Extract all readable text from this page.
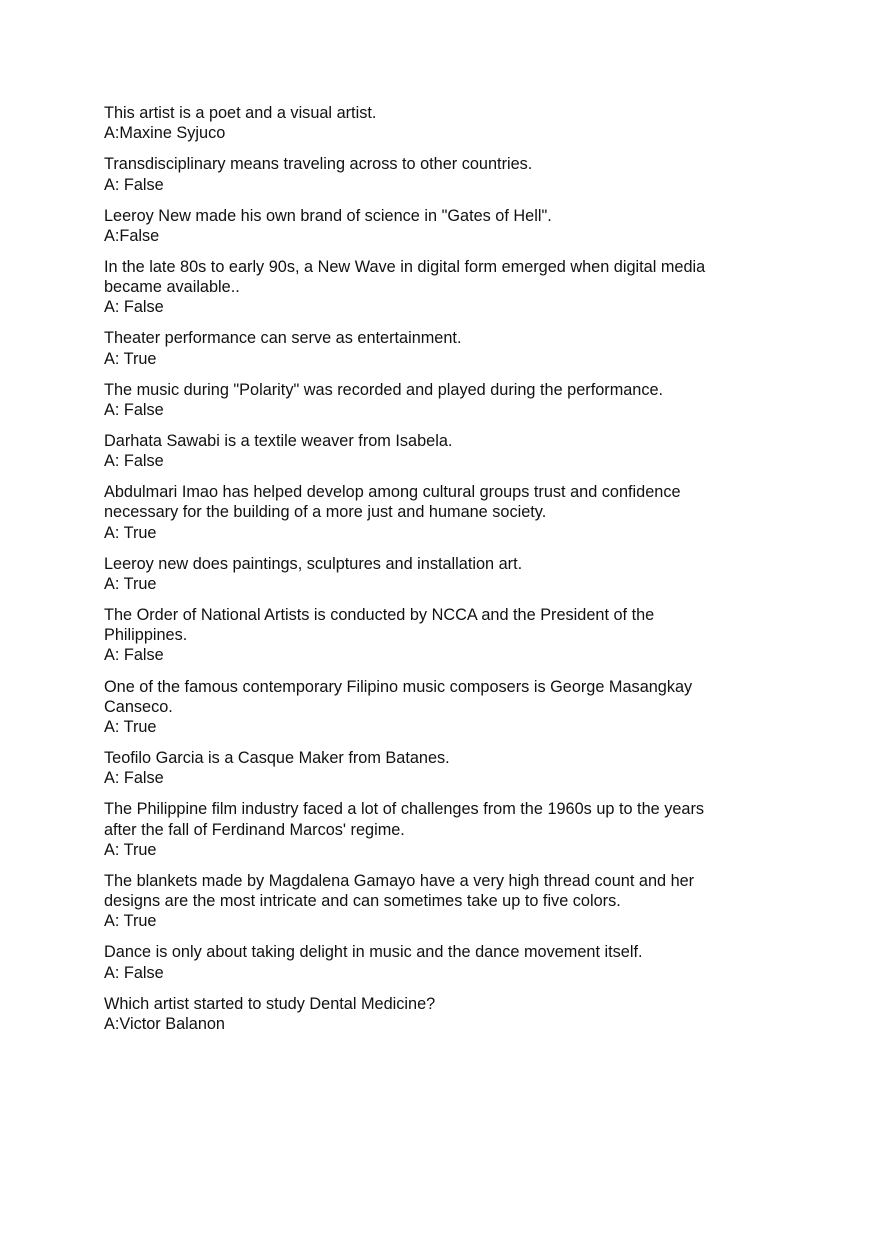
This artist is a poet and a visual artist.
A:Maxine Syjuco
Transdisciplinary means traveling across to other countries.
A: False
Leeroy New made his own brand of science in "Gates of Hell".
A:False
In the late 80s to early 90s, a New Wave in digital form emerged when digital media
became available..
A: False
Theater performance can serve as entertainment.
A: True
The music during "Polarity" was recorded and played during the performance.
A: False
Darhata Sawabi is a textile weaver from Isabela.
A: False
Abdulmari Imao has helped develop among cultural groups trust and confidence
necessary for the building of a more just and humane society.
A: True
Leeroy new does paintings, sculptures and installation art.
A: True
The Order of National Artists is conducted by NCCA and the President of the
Philippines.
A: False
One of the famous contemporary Filipino music composers is George Masangkay
Canseco.
A: True
Teofilo Garcia is a Casque Maker from Batanes.
A: False
The Philippine film industry faced a lot of challenges from the 1960s up to the years
after the fall of Ferdinand Marcos' regime.
A: True
The blankets made by Magdalena Gamayo have a very high thread count and her
designs are the most intricate and can sometimes take up to five colors.
A: True
Dance is only about taking delight in music and the dance movement itself.
A: False
Which artist started to study Dental Medicine?
A:Victor Balanon
